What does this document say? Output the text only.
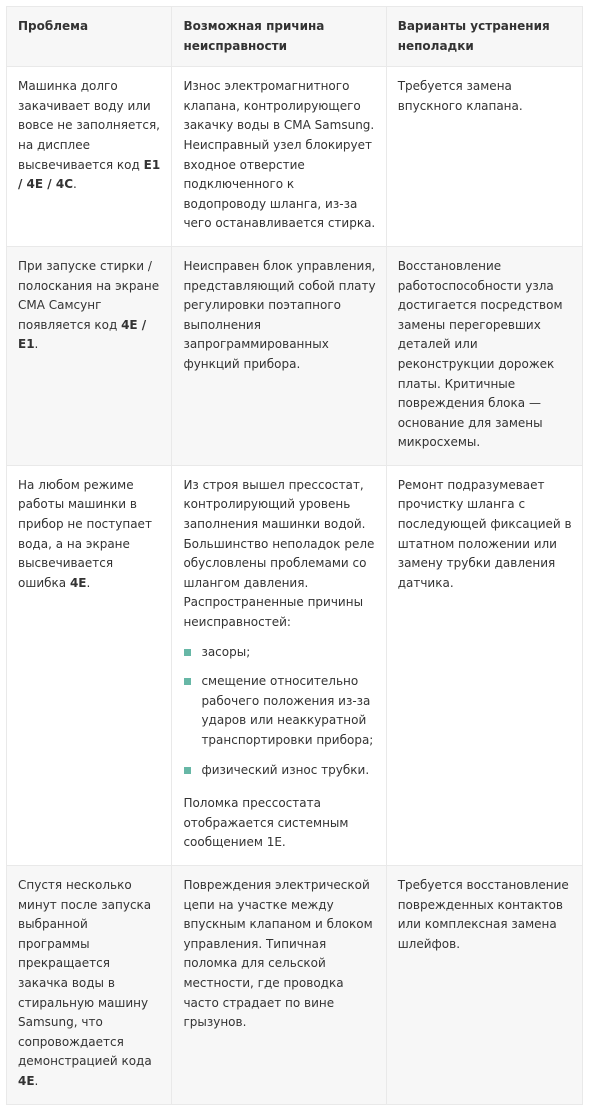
Проблема	Возможная причина неисправности
Варианты устранения неполадки
Машинка долго закачивает воду или вовсе не заполняется, на дисплее высвечивается код E1 / 4E / 4C.
Износ электромагнитного клапана, контролирующего закачку воды в СМА Samsung. Неисправный узел блокирует входное отверстие подключенного к водопроводу шланга, из-за чего останавливается стирка.
Требуется замена впускного клапана.
При запуске стирки / полоскания на экране СМА Самсунг появляется код 4E / E1.
Неисправен блок управления, представляющий собой плату регулировки поэтапного выполнения запрограммированных функций прибора.
Восстановление работоспособности узла достигается посредством замены перегоревших деталей или реконструкции дорожек платы. Критичные повреждения блока — основание для замены микросхемы.
На любом режиме работы машинки в прибор не поступает вода, а на экране высвечивается ошибка 4E.

Из строя вышел прессостат, контролирующий уровень заполнения машинки водой. Большинство неполадок реле обусловлены проблемами со шлангом давления. Распространенные причины неисправностей:

засоры;
смещение относительно рабочего положения из-за ударов или неаккуратной транспортировки прибора;
физический износ трубки.

Поломка прессостата отображается системным сообщением 1E.

Ремонт подразумевает прочистку шланга с последующей фиксацией в штатном положении или замену трубки давления датчика.
Спустя несколько минут после запуска выбранной программы прекращается закачка воды в стиральную машину Samsung, что сопровождается демонстрацией кода 4E.
Повреждения электрической цепи на участке между впускным клапаном и блоком управления. Типичная поломка для сельской местности, где проводка часто страдает по вине грызунов.
Требуется восстановление поврежденных контактов или комплексная замена шлейфов.
